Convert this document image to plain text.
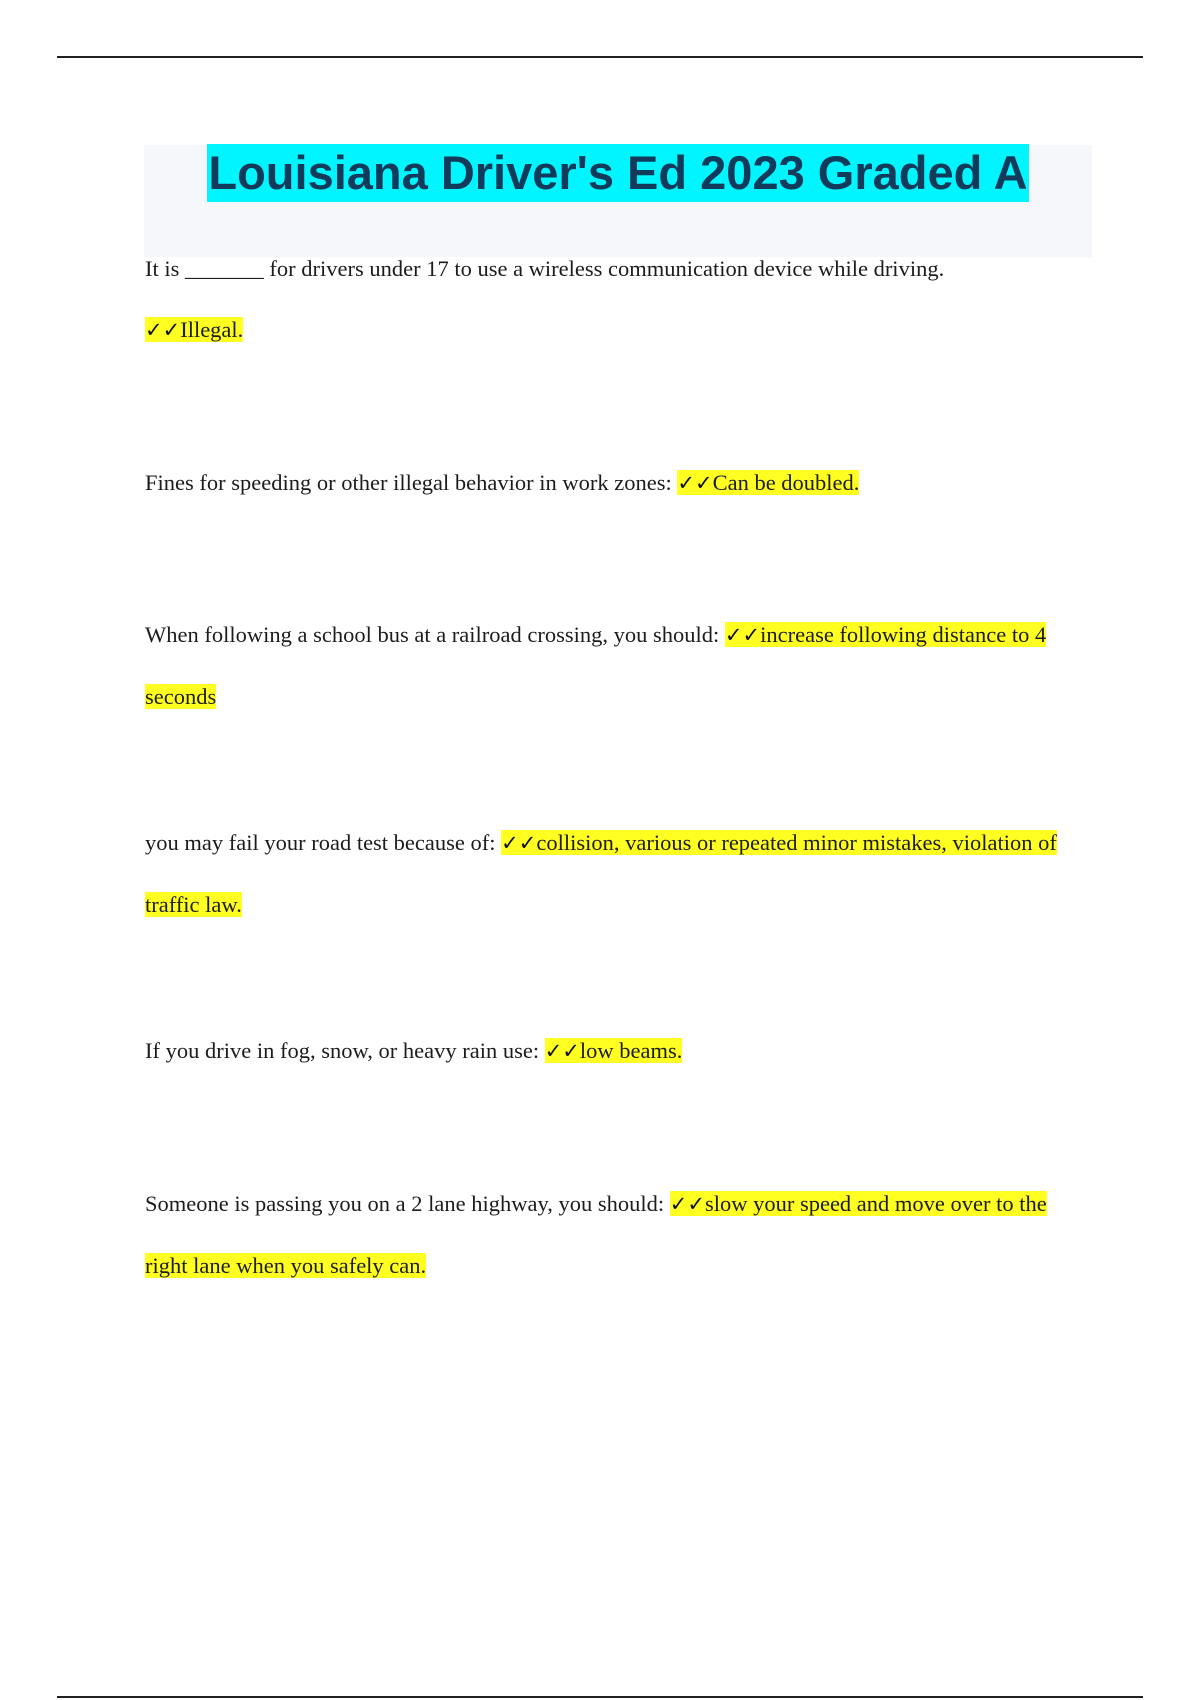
Louisiana Driver's Ed 2023 Graded A

It is _______ for drivers under 17 to use a wireless communication device while driving.
✓✓Illegal.

Fines for speeding or other illegal behavior in work zones: ✓✓Can be doubled.

When following a school bus at a railroad crossing, you should: ✓✓increase following distance to 4 seconds

you may fail your road test because of: ✓✓collision, various or repeated minor mistakes, violation of traffic law.

If you drive in fog, snow, or heavy rain use: ✓✓low beams.

Someone is passing you on a 2 lane highway, you should: ✓✓slow your speed and move over to the right lane when you safely can.
